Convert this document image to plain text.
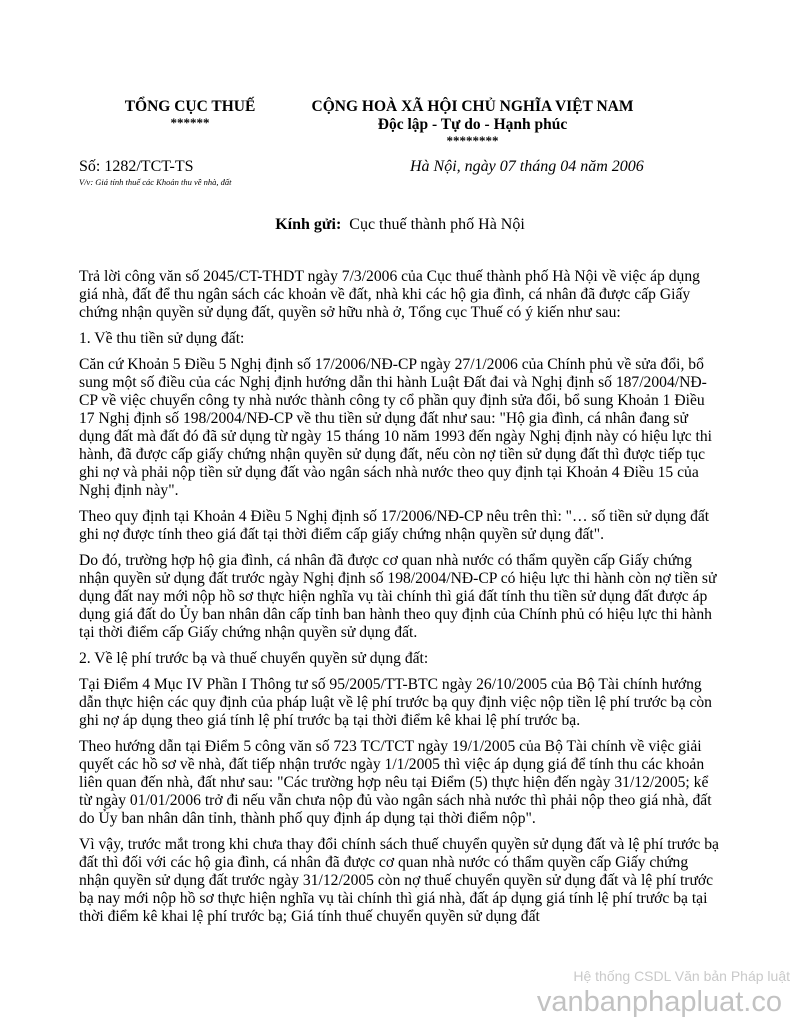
TỔNG CỤC THUẾ
******
CỘNG HOÀ XÃ HỘI CHỦ NGHĨA VIỆT NAM
Độc lập - Tự do - Hạnh phúc
********
Số: 1282/TCT-TS
V/v: Giá tính thuế các Khoản thu về nhà, đất
Hà Nội, ngày 07 tháng 04 năm 2006
Kính gửi: Cục thuế thành phố Hà Nội

Trả lời công văn số 2045/CT-THDT ngày 7/3/2006 của Cục thuế thành phố Hà Nội về việc áp dụng giá nhà, đất để thu ngân sách các khoản về đất, nhà khi các hộ gia đình, cá nhân đã được cấp Giấy chứng nhận quyền sử dụng đất, quyền sở hữu nhà ở, Tổng cục Thuế có ý kiến như sau:

1. Về thu tiền sử dụng đất:

Căn cứ Khoản 5 Điều 5 Nghị định số 17/2006/NĐ-CP ngày 27/1/2006 của Chính phủ về sửa đổi, bổ sung một số điều của các Nghị định hướng dẫn thi hành Luật Đất đai và Nghị định số 187/2004/NĐ-CP về việc chuyển công ty nhà nước thành công ty cổ phần quy định sửa đổi, bổ sung Khoản 1 Điều 17 Nghị định số 198/2004/NĐ-CP về thu tiền sử dụng đất như sau: "Hộ gia đình, cá nhân đang sử dụng đất mà đất đó đã sử dụng từ ngày 15 tháng 10 năm 1993 đến ngày Nghị định này có hiệu lực thi hành, đã được cấp giấy chứng nhận quyền sử dụng đất, nếu còn nợ tiền sử dụng đất thì được tiếp tục ghi nợ và phải nộp tiền sử dụng đất vào ngân sách nhà nước theo quy định tại Khoản 4 Điều 15 của Nghị định này".

Theo quy định tại Khoản 4 Điều 5 Nghị định số 17/2006/NĐ-CP nêu trên thì: "… số tiền sử dụng đất ghi nợ được tính theo giá đất tại thời điểm cấp giấy chứng nhận quyền sử dụng đất".

Do đó, trường hợp hộ gia đình, cá nhân đã được cơ quan nhà nước có thẩm quyền cấp Giấy chứng nhận quyền sử dụng đất trước ngày Nghị định số 198/2004/NĐ-CP có hiệu lực thi hành còn nợ tiền sử dụng đất nay mới nộp hồ sơ thực hiện nghĩa vụ tài chính thì giá đất tính thu tiền sử dụng đất được áp dụng giá đất do Ủy ban nhân dân cấp tỉnh ban hành theo quy định của Chính phủ có hiệu lực thi hành tại thời điểm cấp Giấy chứng nhận quyền sử dụng đất.

2. Về lệ phí trước bạ và thuế chuyển quyền sử dụng đất:

Tại Điểm 4 Mục IV Phần I Thông tư số 95/2005/TT-BTC ngày 26/10/2005 của Bộ Tài chính hướng dẫn thực hiện các quy định của pháp luật về lệ phí trước bạ quy định việc nộp tiền lệ phí trước bạ còn ghi nợ áp dụng theo giá tính lệ phí trước bạ tại thời điểm kê khai lệ phí trước bạ.

Theo hướng dẫn tại Điểm 5 công văn số 723 TC/TCT ngày 19/1/2005 của Bộ Tài chính về việc giải quyết các hồ sơ về nhà, đất tiếp nhận trước ngày 1/1/2005 thì việc áp dụng giá để tính thu các khoản liên quan đến nhà, đất như sau: "Các trường hợp nêu tại Điểm (5) thực hiện đến ngày 31/12/2005; kể từ ngày 01/01/2006 trở đi nếu vẫn chưa nộp đủ vào ngân sách nhà nước thì phải nộp theo giá nhà, đất do Ủy ban nhân dân tỉnh, thành phố quy định áp dụng tại thời điểm nộp".

Vì vậy, trước mắt trong khi chưa thay đổi chính sách thuế chuyển quyền sử dụng đất và lệ phí trước bạ đất thì đối với các hộ gia đình, cá nhân đã được cơ quan nhà nước có thẩm quyền cấp Giấy chứng nhận quyền sử dụng đất trước ngày 31/12/2005 còn nợ thuế chuyển quyền sử dụng đất và lệ phí trước bạ nay mới nộp hồ sơ thực hiện nghĩa vụ tài chính thì giá nhà, đất áp dụng giá tính lệ phí trước bạ tại thời điểm kê khai lệ phí trước bạ; Giá tính thuế chuyển quyền sử dụng đất

Hệ thống CSDL Văn bản Pháp luật
vanbanphapluat.co
